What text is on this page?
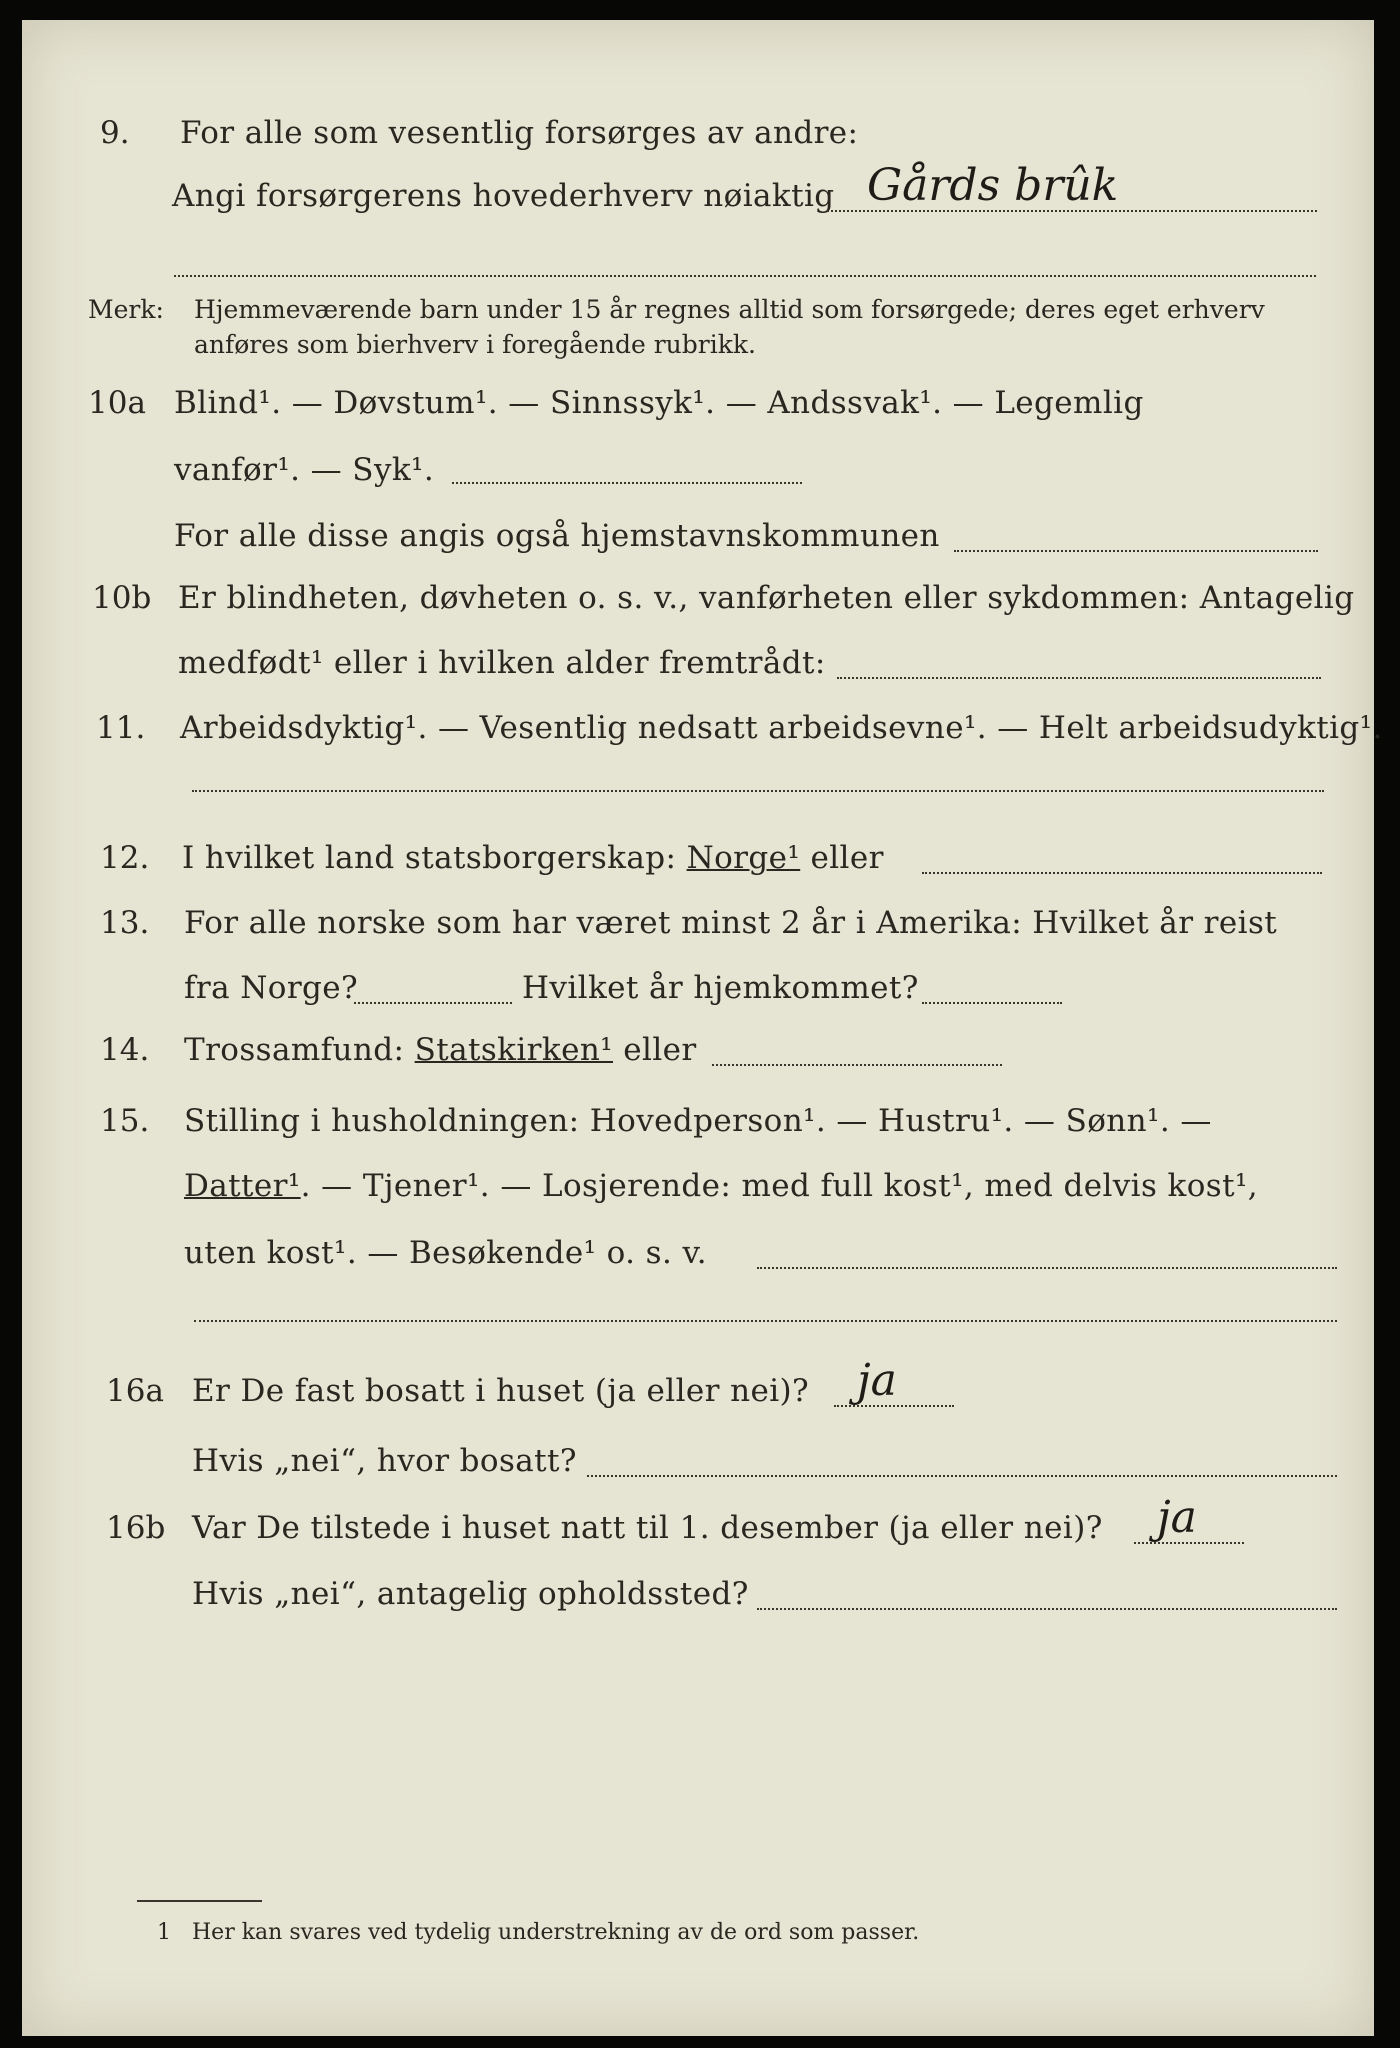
9. For alle som vesentlig forsørges av andre:
Angi forsørgerens hovederhverv nøiaktig Gårds brûk
Merk: Hjemmeværende barn under 15 år regnes alltid som forsørgede; deres eget erhverv
anføres som bierhverv i foregående rubrikk.
10a Blind¹. — Døvstum¹. — Sinnssyk¹. — Andssvak¹. — Legemlig
vanfør¹. — Syk¹.
For alle disse angis også hjemstavnskommunen
10b Er blindheten, døvheten o. s. v., vanførheten eller sykdommen: Antagelig
medfødt¹ eller i hvilken alder fremtrådt:
11. Arbeidsdyktig¹. — Vesentlig nedsatt arbeidsevne¹. — Helt arbeidsudyktig¹.
12. I hvilket land statsborgerskap: Norge¹ eller
13. For alle norske som har været minst 2 år i Amerika: Hvilket år reist
fra Norge?	Hvilket år hjemkommet?
14. Trossamfund: Statskirken¹ eller
15. Stilling i husholdningen: Hovedperson¹. — Hustru¹. — Sønn¹. —
Datter¹. — Tjener¹. — Losjerende: med full kost¹, med delvis kost¹,
uten kost¹. — Besøkende¹ o. s. v.
16a Er De fast bosatt i huset (ja eller nei)? ja
Hvis „nei“, hvor bosatt?
16b Var De tilstede i huset natt til 1. desember (ja eller nei)? ja
Hvis „nei“, antagelig opholdssted?
1 Her kan svares ved tydelig understrekning av de ord som passer.
